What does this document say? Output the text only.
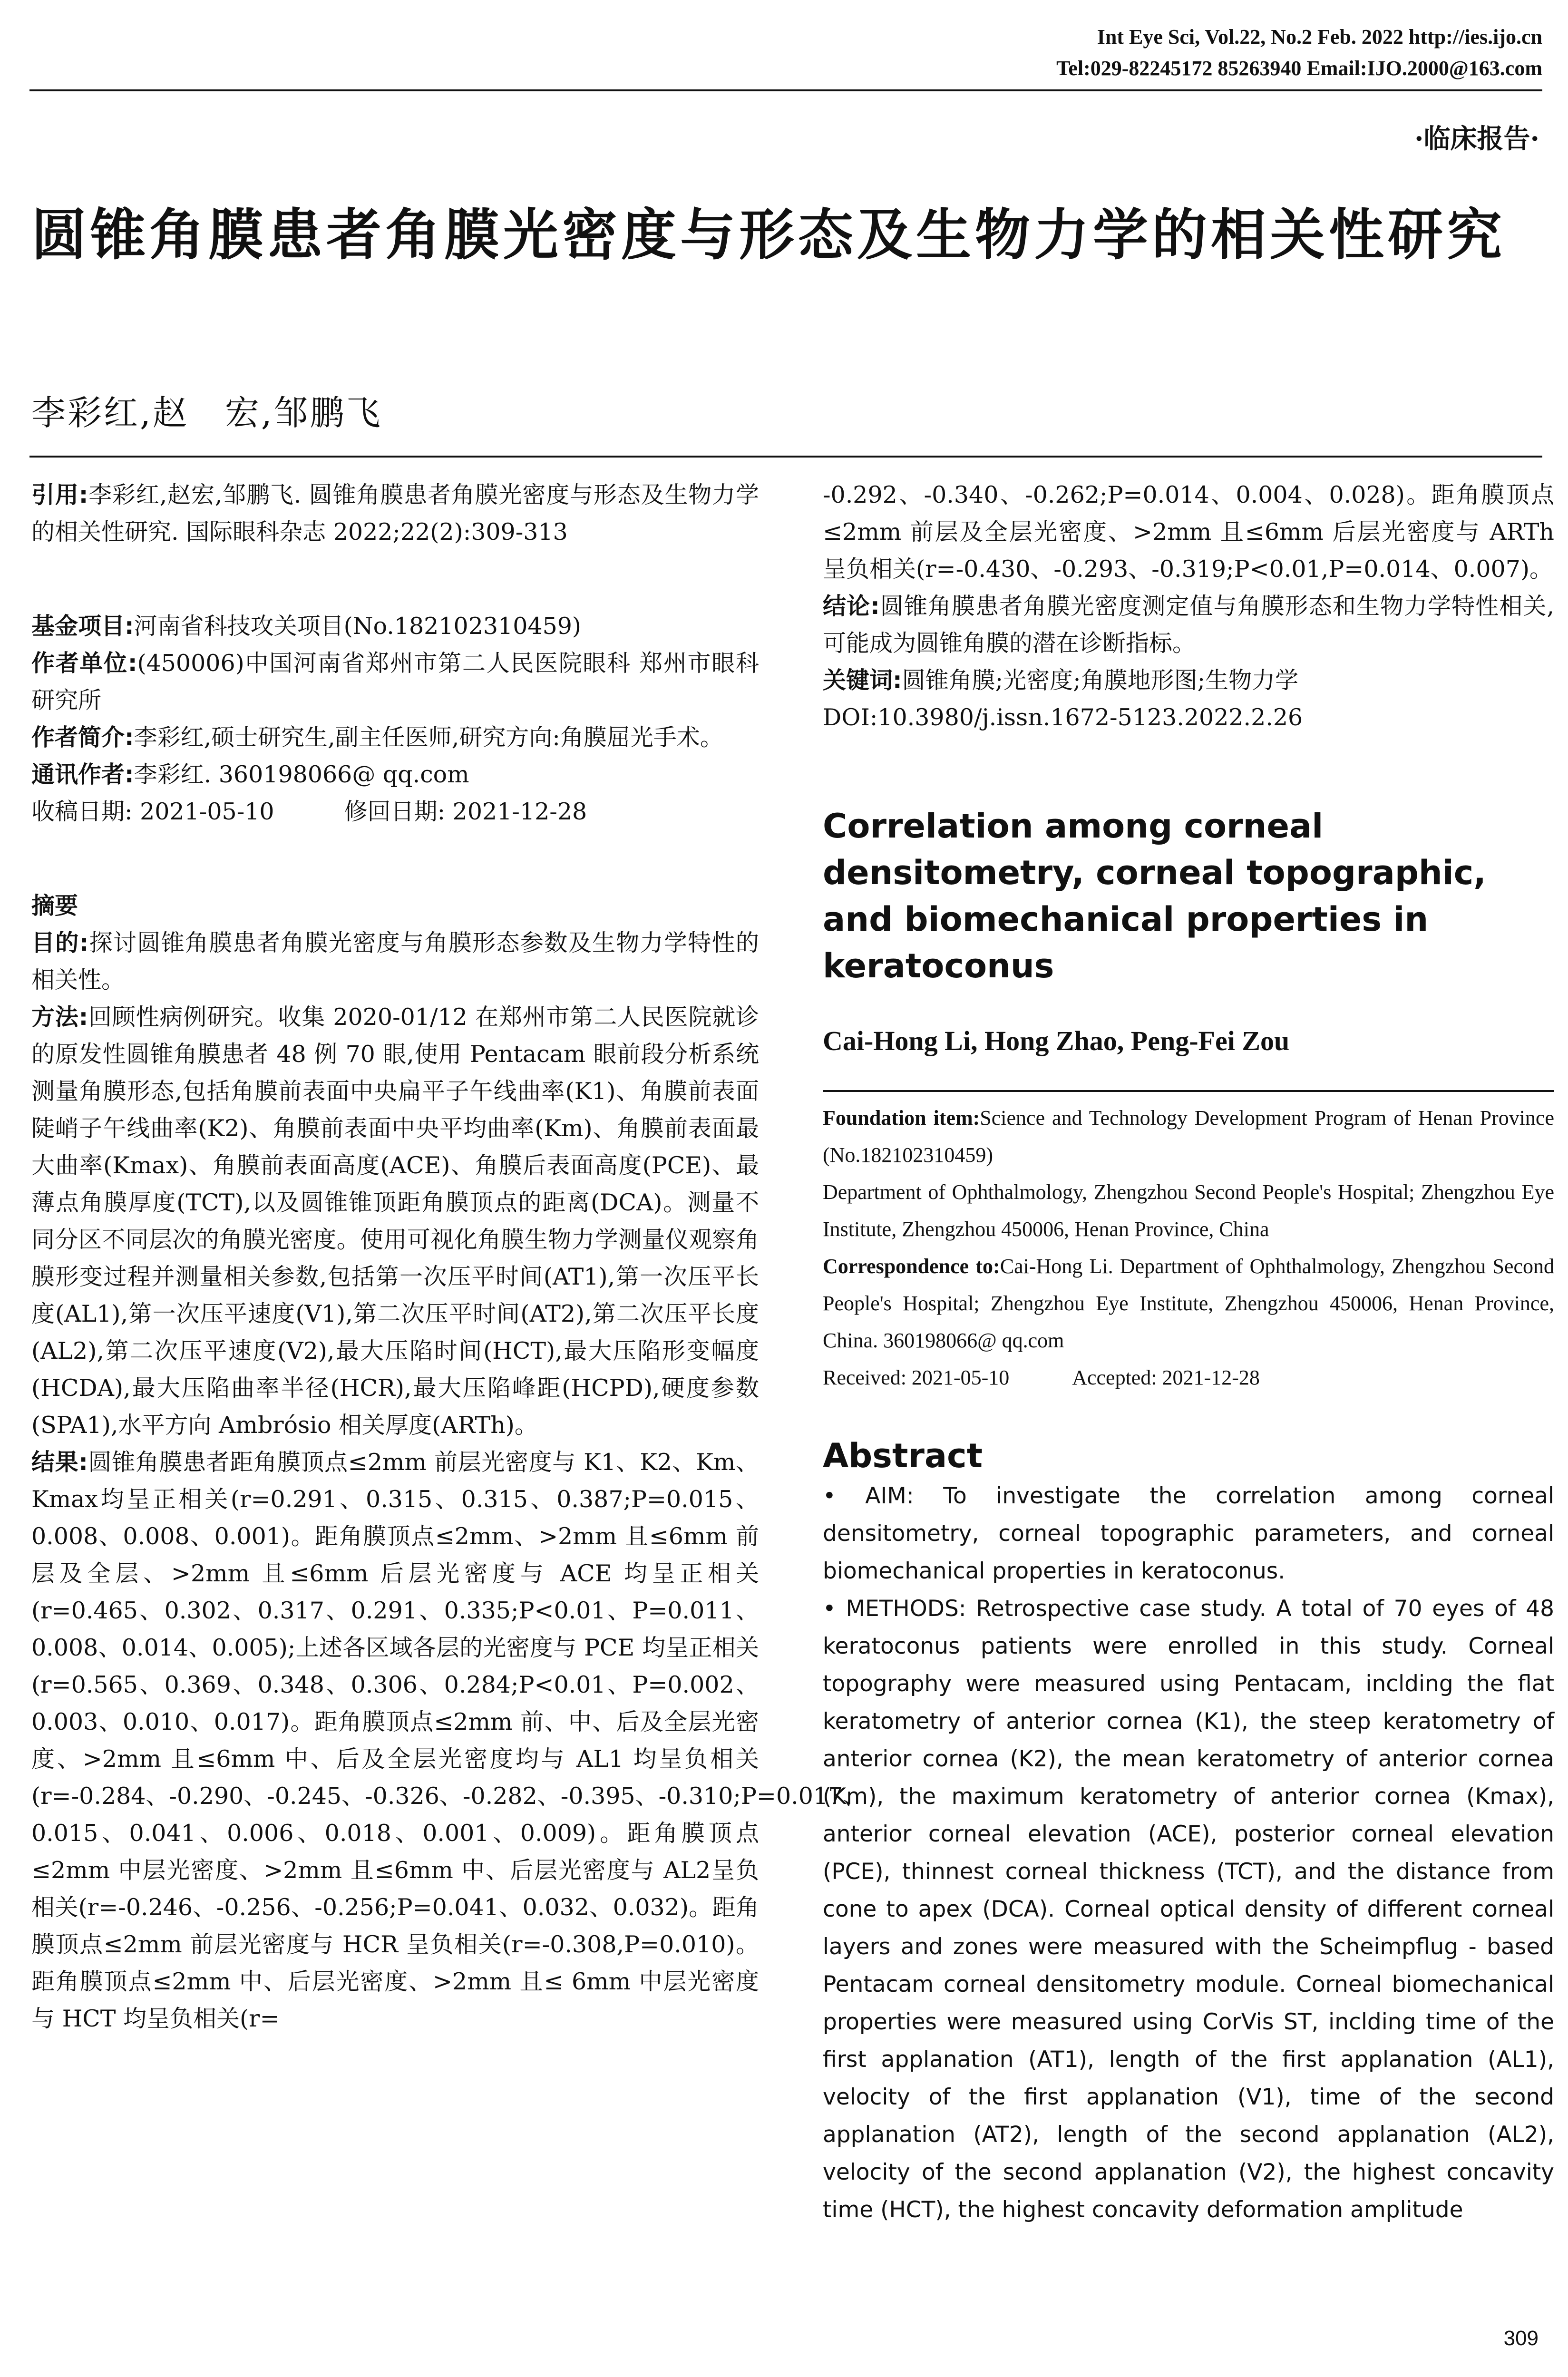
Int Eye Sci, Vol.22, No.2 Feb. 2022 http://ies.ijo.cn
Tel:029-82245172 85263940 Email:IJO.2000@163.com
·临床报告·
圆锥角膜患者角膜光密度与形态及生物力学的相关性研究
李彩红,赵　宏,邹鹏飞

引用:李彩红,赵宏,邹鹏飞. 圆锥角膜患者角膜光密度与形态及生物力学的相关性研究. 国际眼科杂志 2022;22(2):309-313

基金项目:河南省科技攻关项目(No.182102310459)

作者单位:(450006)中国河南省郑州市第二人民医院眼科 郑州市眼科研究所

作者简介:李彩红,硕士研究生,副主任医师,研究方向:角膜屈光手术。

通讯作者:李彩红. 360198066@ qq.com

收稿日期: 2021-05-10　　　修回日期: 2021-12-28

摘要

目的:探讨圆锥角膜患者角膜光密度与角膜形态参数及生物力学特性的相关性。

方法:回顾性病例研究。收集 2020-01/12 在郑州市第二人民医院就诊的原发性圆锥角膜患者 48 例 70 眼,使用 Pentacam 眼前段分析系统测量角膜形态,包括角膜前表面中央扁平子午线曲率(K1)、角膜前表面陡峭子午线曲率(K2)、角膜前表面中央平均曲率(Km)、角膜前表面最大曲率(Kmax)、角膜前表面高度(ACE)、角膜后表面高度(PCE)、最薄点角膜厚度(TCT),以及圆锥锥顶距角膜顶点的距离(DCA)。测量不同分区不同层次的角膜光密度。使用可视化角膜生物力学测量仪观察角膜形变过程并测量相关参数,包括第一次压平时间(AT1),第一次压平长度(AL1),第一次压平速度(V1),第二次压平时间(AT2),第二次压平长度(AL2),第二次压平速度(V2),最大压陷时间(HCT),最大压陷形变幅度(HCDA),最大压陷曲率半径(HCR),最大压陷峰距(HCPD),硬度参数(SPA1),水平方向 Ambrósio 相关厚度(ARTh)。

结果:圆锥角膜患者距角膜顶点≤2mm 前层光密度与 K1、K2、Km、Kmax均呈正相关(r=0.291、0.315、0.315、0.387;P=0.015、0.008、0.008、0.001)。距角膜顶点≤2mm、>2mm 且≤6mm 前层及全层、>2mm 且≤6mm 后层光密度与 ACE 均呈正相关(r=0.465、0.302、0.317、0.291、0.335;P<0.01、P=0.011、0.008、0.014、0.005);上述各区域各层的光密度与 PCE 均呈正相关(r=0.565、0.369、0.348、0.306、0.284;P<0.01、P=0.002、0.003、0.010、0.017)。距角膜顶点≤2mm 前、中、后及全层光密度、>2mm 且≤6mm 中、后及全层光密度均与 AL1 均呈负相关(r=-0.284、-0.290、-0.245、-0.326、-0.282、-0.395、-0.310;P=0.017、0.015、0.041、0.006、0.018、0.001、0.009)。距角膜顶点≤2mm 中层光密度、>2mm 且≤6mm 中、后层光密度与 AL2呈负相关(r=-0.246、-0.256、-0.256;P=0.041、0.032、0.032)。距角膜顶点≤2mm 前层光密度与 HCR 呈负相关(r=-0.308,P=0.010)。距角膜顶点≤2mm 中、后层光密度、>2mm 且≤ 6mm 中层光密度与 HCT 均呈负相关(r=

-0.292、-0.340、-0.262;P=0.014、0.004、0.028)。距角膜顶点≤2mm 前层及全层光密度、>2mm 且≤6mm 后层光密度与 ARTh 呈负相关(r=-0.430、-0.293、-0.319;P<0.01,P=0.014、0.007)。

结论:圆锥角膜患者角膜光密度测定值与角膜形态和生物力学特性相关,可能成为圆锥角膜的潜在诊断指标。

关键词:圆锥角膜;光密度;角膜地形图;生物力学

DOI:10.3980/j.issn.1672-5123.2022.2.26

Correlation among corneal densitometry, corneal topographic, and biomechanical properties in keratoconus

Cai-Hong Li, Hong Zhao, Peng-Fei Zou

Foundation item:Science and Technology Development Program of Henan Province (No.182102310459)

Department of Ophthalmology, Zhengzhou Second People's Hospital; Zhengzhou Eye Institute, Zhengzhou 450006, Henan Province, China

Correspondence to:Cai-Hong Li. Department of Ophthalmology, Zhengzhou Second People's Hospital; Zhengzhou Eye Institute, Zhengzhou 450006, Henan Province, China. 360198066@ qq.com

Received: 2021-05-10　　　Accepted: 2021-12-28

Abstract

• AIM: To investigate the correlation among corneal densitometry, corneal topographic parameters, and corneal biomechanical properties in keratoconus.

• METHODS: Retrospective case study. A total of 70 eyes of 48 keratoconus patients were enrolled in this study. Corneal topography were measured using Pentacam, inclding the flat keratometry of anterior cornea (K1), the steep keratometry of anterior cornea (K2), the mean keratometry of anterior cornea (Km), the maximum keratometry of anterior cornea (Kmax), anterior corneal elevation (ACE), posterior corneal elevation (PCE), thinnest corneal thickness (TCT), and the distance from cone to apex (DCA). Corneal optical density of different corneal layers and zones were measured with the Scheimpflug - based Pentacam corneal densitometry module. Corneal biomechanical properties were measured using CorVis ST, inclding time of the first applanation (AT1), length of the first applanation (AL1), velocity of the first applanation (V1), time of the second applanation (AT2), length of the second applanation (AL2), velocity of the second applanation (V2), the highest concavity time (HCT), the highest concavity deformation amplitude

309
